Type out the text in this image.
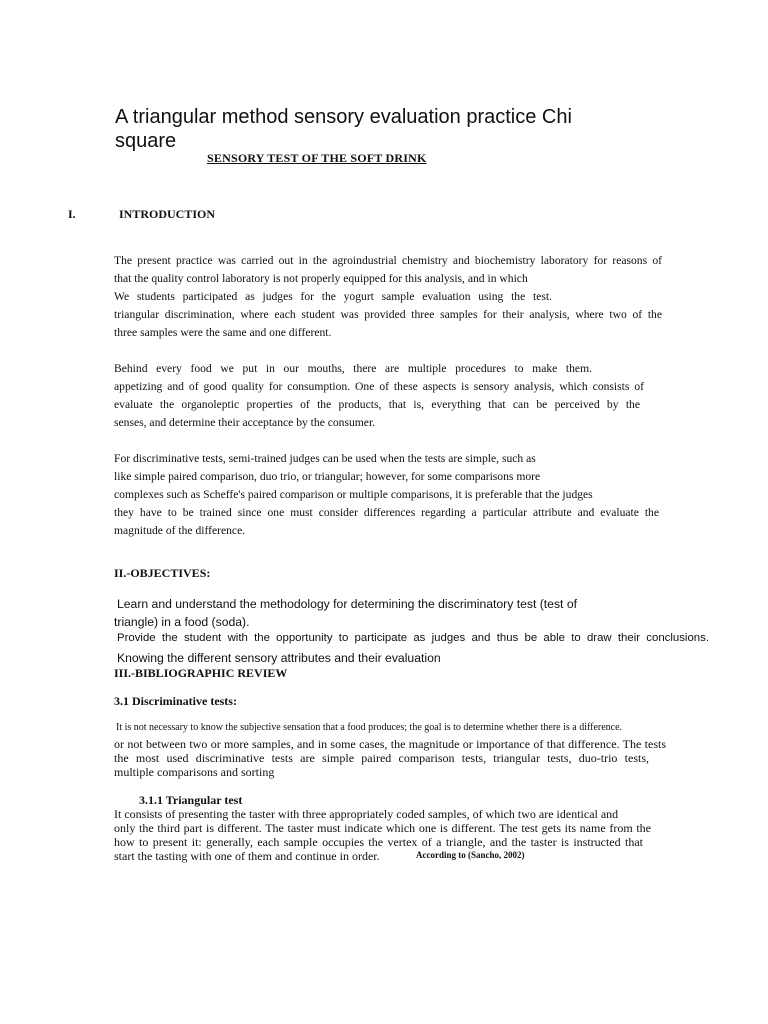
A triangular method sensory evaluation practice Chi
square
SENSORY TEST OF THE SOFT DRINK
I.	INTRODUCTION
The present practice was carried out in the agroindustrial chemistry and biochemistry laboratory for reasons of
that the quality control laboratory is not properly equipped for this analysis, and in which
We students participated as judges for the yogurt sample evaluation using the test.
triangular discrimination, where each student was provided three samples for their analysis, where two of the
three samples were the same and one different.
Behind every food we put in our mouths, there are multiple procedures to make them.
appetizing and of good quality for consumption. One of these aspects is sensory analysis, which consists of
evaluate the organoleptic properties of the products, that is, everything that can be perceived by the
senses, and determine their acceptance by the consumer.
For discriminative tests, semi-trained judges can be used when the tests are simple, such as
like simple paired comparison, duo trio, or triangular; however, for some comparisons more
complexes such as Scheffe's paired comparison or multiple comparisons, it is preferable that the judges
they have to be trained since one must consider differences regarding a particular attribute and evaluate the
magnitude of the difference.
II.-OBJECTIVES:
Learn and understand the methodology for determining the discriminatory test (test of
triangle) in a food (soda).
Provide the student with the opportunity to participate as judges and thus be able to draw their conclusions.
Knowing the different sensory attributes and their evaluation
III.-BIBLIOGRAPHIC REVIEW
3.1 Discriminative tests:
It is not necessary to know the subjective sensation that a food produces; the goal is to determine whether there is a difference.
or not between two or more samples, and in some cases, the magnitude or importance of that difference. The tests
the most used discriminative tests are simple paired comparison tests, triangular tests, duo-trio tests,
multiple comparisons and sorting
3.1.1 Triangular test
It consists of presenting the taster with three appropriately coded samples, of which two are identical and
only the third part is different. The taster must indicate which one is different. The test gets its name from the
how to present it: generally, each sample occupies the vertex of a triangle, and the taster is instructed that
start the tasting with one of them and continue in order.	According to (Sancho, 2002)
